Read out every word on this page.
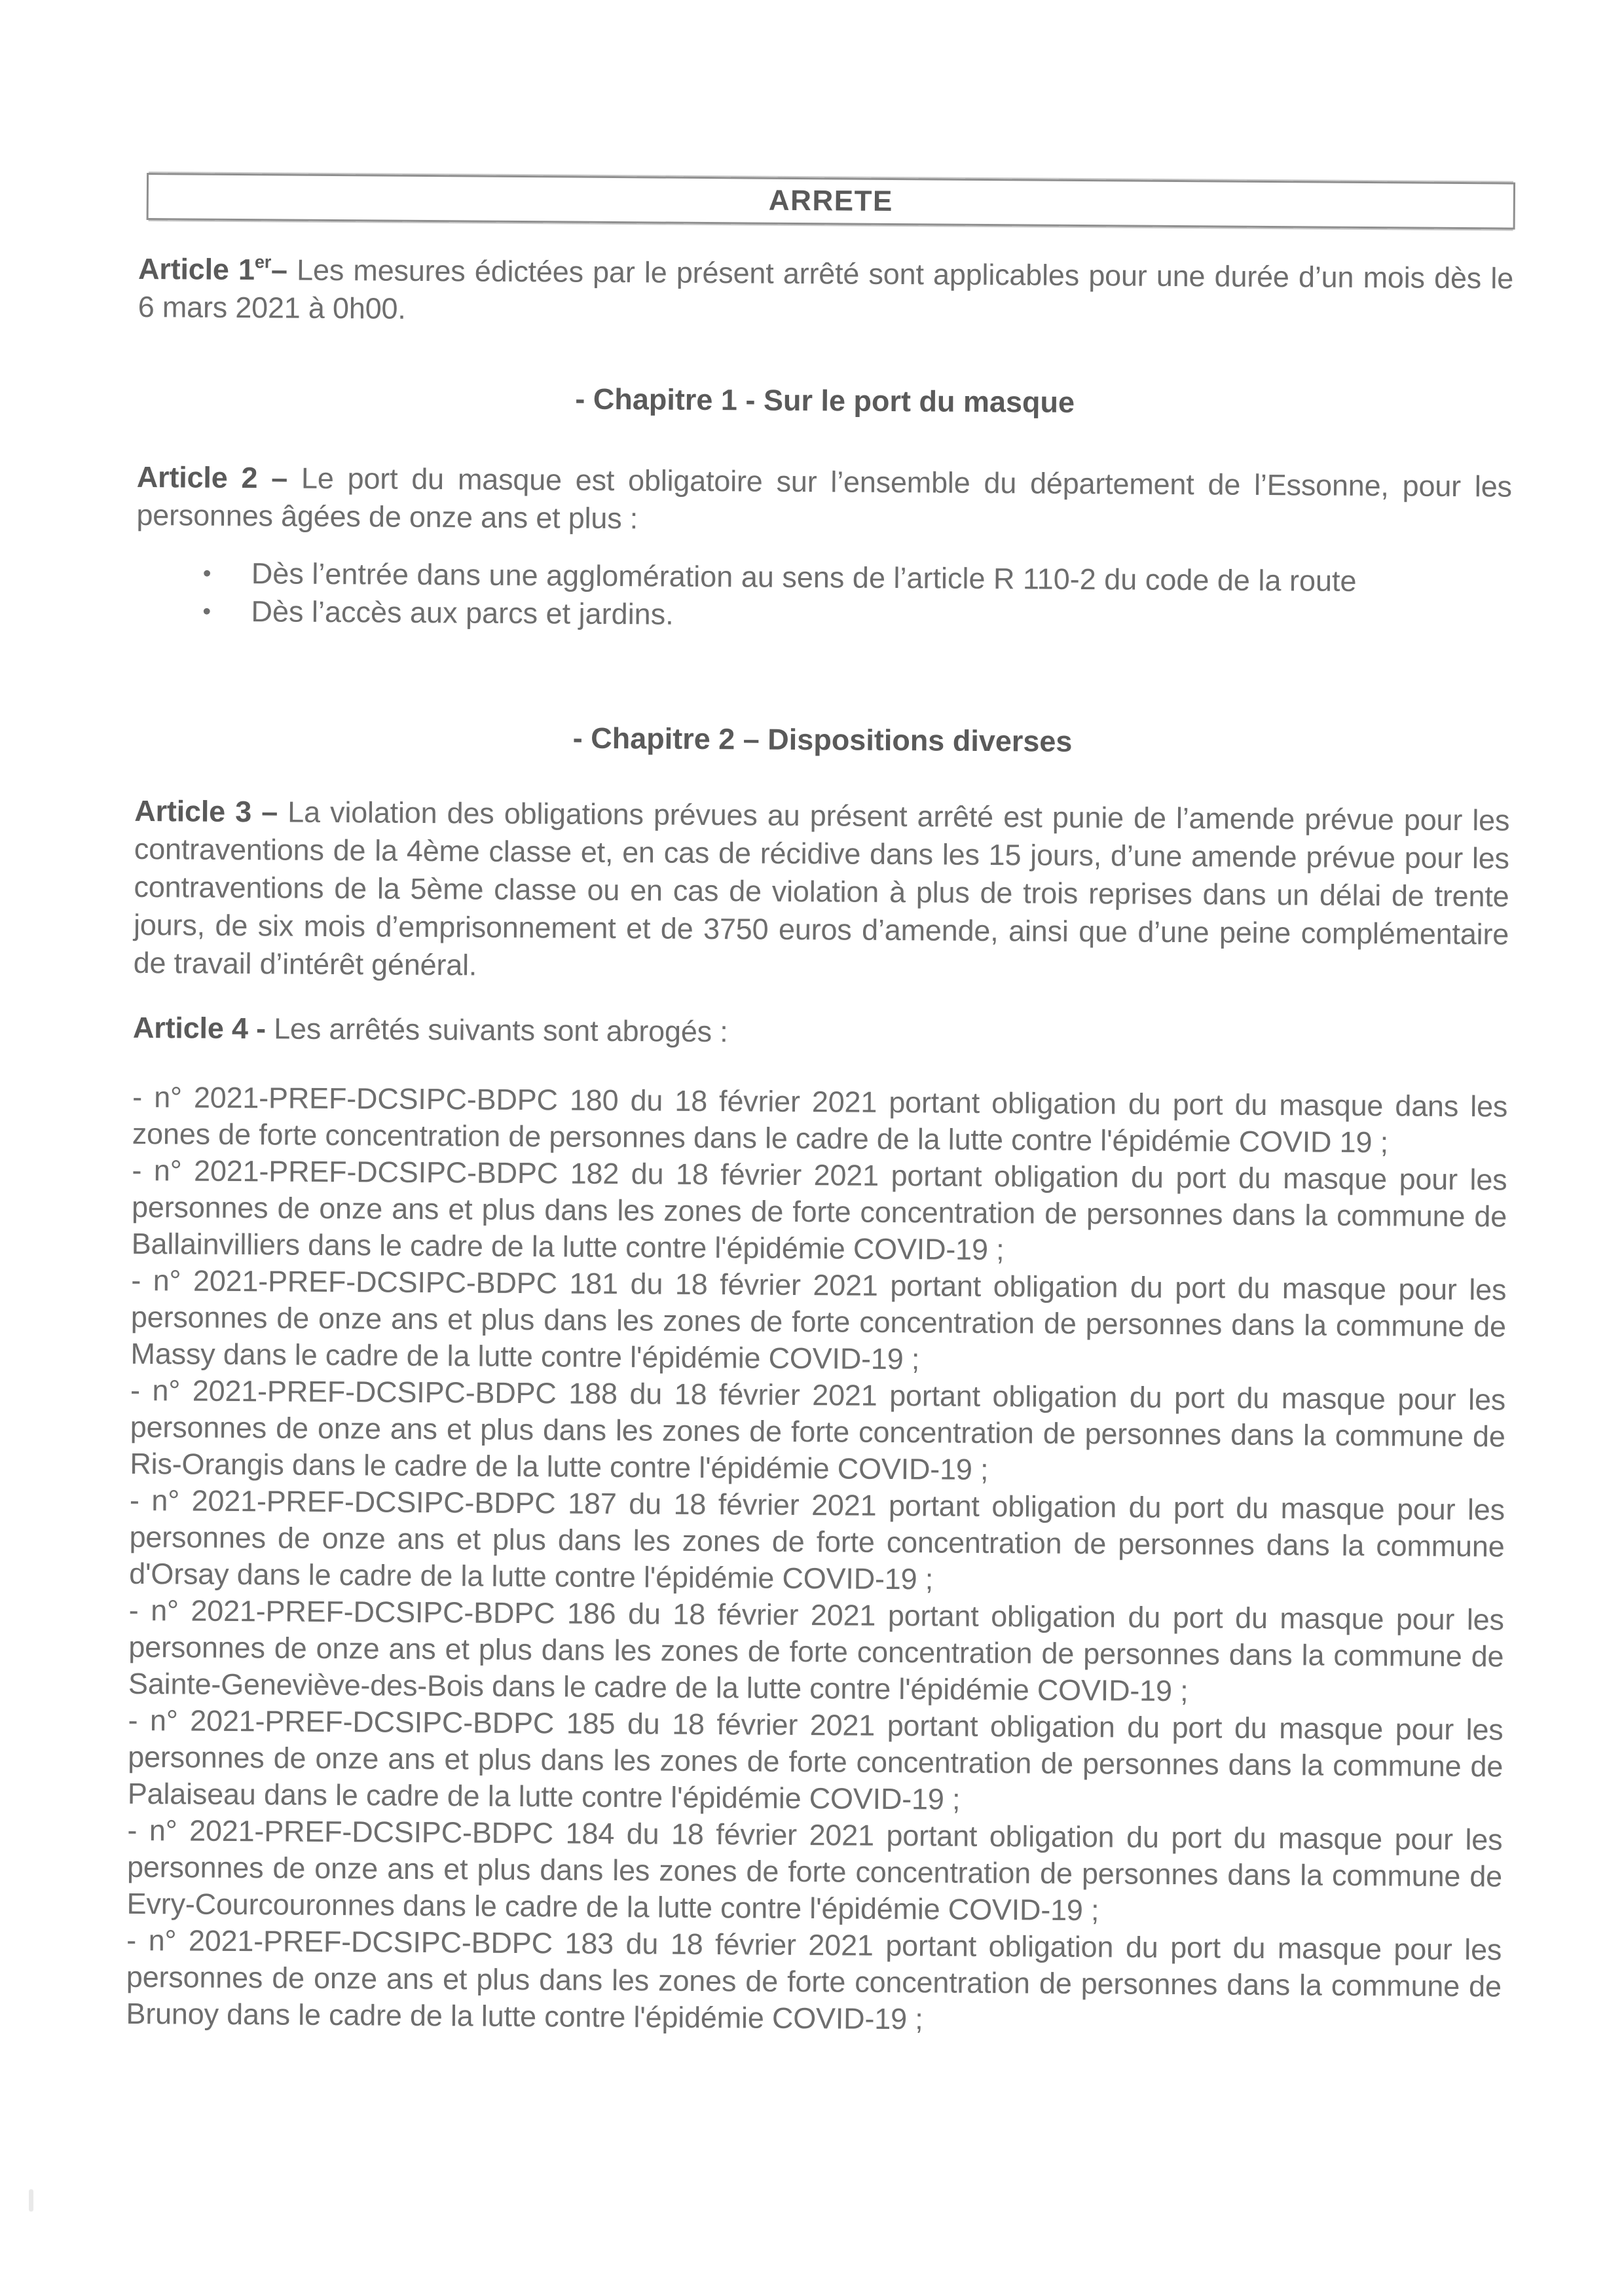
ARRETE

Article 1er– Les mesures édictées par le présent arrêté sont applicables pour une durée d’un mois dès le 6 mars 2021 à 0h00.

- Chapitre 1 - Sur le port du masque

Article 2 – Le port du masque est obligatoire sur l’ensemble du département de l’Essonne, pour les personnes âgées de onze ans et plus :

• Dès l’entrée dans une agglomération au sens de l’article R 110-2 du code de la route
• Dès l’accès aux parcs et jardins.

- Chapitre 2 – Dispositions diverses

Article 3 – La violation des obligations prévues au présent arrêté est punie de l’amende prévue pour les contraventions de la 4ème classe et, en cas de récidive dans les 15 jours, d’une amende prévue pour les contraventions de la 5ème classe ou en cas de violation à plus de trois reprises dans un délai de trente jours, de six mois d’emprisonnement et de 3750 euros d’amende, ainsi que d’une peine complémentaire de travail d’intérêt général.

Article 4 - Les arrêtés suivants sont abrogés :

- n° 2021-PREF-DCSIPC-BDPC 180 du 18 février 2021 portant obligation du port du masque dans les zones de forte concentration de personnes dans le cadre de la lutte contre l'épidémie COVID 19 ;

- n° 2021-PREF-DCSIPC-BDPC 182 du 18 février 2021 portant obligation du port du masque pour les personnes de onze ans et plus dans les zones de forte concentration de personnes dans la commune de Ballainvilliers dans le cadre de la lutte contre l'épidémie COVID-19 ;

- n° 2021-PREF-DCSIPC-BDPC 181 du 18 février 2021 portant obligation du port du masque pour les personnes de onze ans et plus dans les zones de forte concentration de personnes dans la commune de Massy dans le cadre de la lutte contre l'épidémie COVID-19 ;

- n° 2021-PREF-DCSIPC-BDPC 188 du 18 février 2021 portant obligation du port du masque pour les personnes de onze ans et plus dans les zones de forte concentration de personnes dans la commune de Ris-Orangis dans le cadre de la lutte contre l'épidémie COVID-19 ;

- n° 2021-PREF-DCSIPC-BDPC 187 du 18 février 2021 portant obligation du port du masque pour les personnes de onze ans et plus dans les zones de forte concentration de personnes dans la commune d'Orsay dans le cadre de la lutte contre l'épidémie COVID-19 ;

- n° 2021-PREF-DCSIPC-BDPC 186 du 18 février 2021 portant obligation du port du masque pour les personnes de onze ans et plus dans les zones de forte concentration de personnes dans la commune de Sainte-Geneviève-des-Bois dans le cadre de la lutte contre l'épidémie COVID-19 ;

- n° 2021-PREF-DCSIPC-BDPC 185 du 18 février 2021 portant obligation du port du masque pour les personnes de onze ans et plus dans les zones de forte concentration de personnes dans la commune de Palaiseau dans le cadre de la lutte contre l'épidémie COVID-19 ;

- n° 2021-PREF-DCSIPC-BDPC 184 du 18 février 2021 portant obligation du port du masque pour les personnes de onze ans et plus dans les zones de forte concentration de personnes dans la commune de Evry-Courcouronnes dans le cadre de la lutte contre l'épidémie COVID-19 ;

- n° 2021-PREF-DCSIPC-BDPC 183 du 18 février 2021 portant obligation du port du masque pour les personnes de onze ans et plus dans les zones de forte concentration de personnes dans la commune de Brunoy dans le cadre de la lutte contre l'épidémie COVID-19 ;
